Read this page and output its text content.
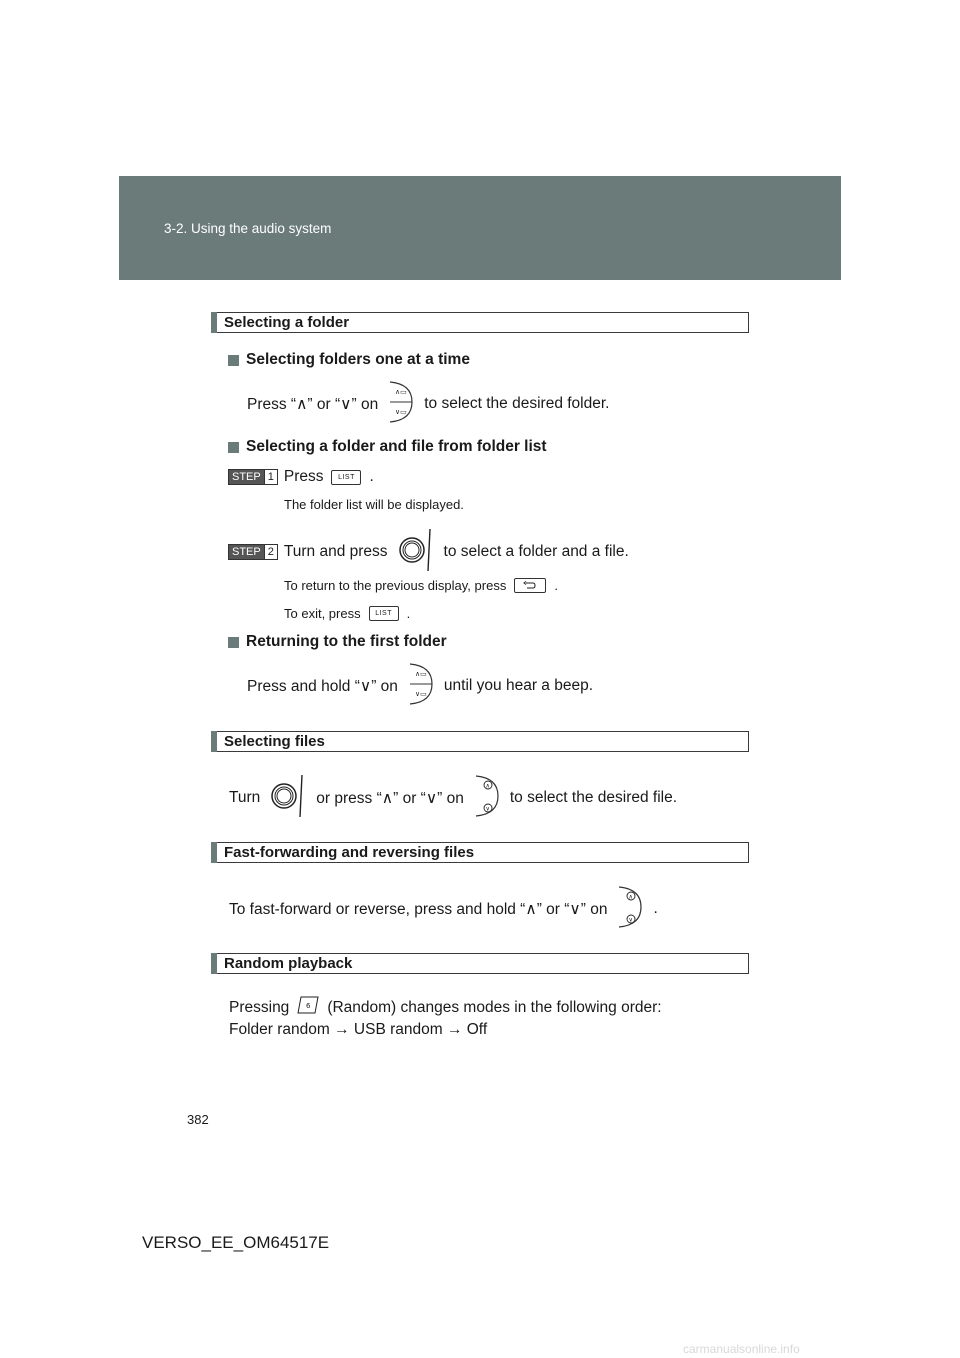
3-2. Using the audio system
Selecting a folder
Selecting folders one at a time
Press “∧” or “∨” on
∧▭
∨▭ to select the desired folder.
Selecting a folder and file from folder list
STEP 1 Press	LIST .
The folder list will be displayed.
STEP 2 Turn and press	to select a folder and a file.
To return to the previous display, press	.
To exit, press	LIST	.
Returning to the first folder
Press and hold “∨” on
∧▭
∨▭ until you hear a beep.
Selecting files
Turn	or press “∧” or “∨” on
∧
∨
to select the desired file.
Fast-forwarding and reversing files
To fast-forward or reverse, press and hold “∧” or “∨” on
∧
∨
.
Random playback
Pressing 6 (Random) changes modes in the following order:
Folder random → USB random → Off
382
VERSO_EE_OM64517E
carmanualsonline.info
